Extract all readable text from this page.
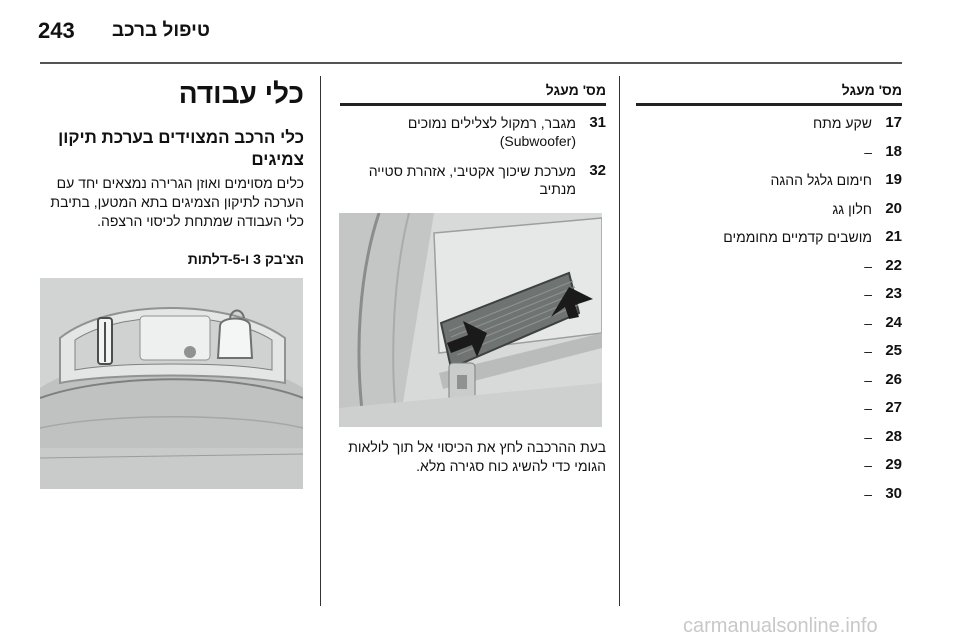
243 טיפול ברכב
מס' מעגל
17
שקע מתח
18
–
19
חימום גלגל ההגה
20
חלון גג
21
מושבים קדמיים מחוממים
22
–
23
–
24
–
25
–
26
–
27
–
28
–
29
–
30
–
מס' מעגל
31
מגבר, רמקול לצלילים נמוכים (Subwoofer)
32
מערכת שיכוך אקטיבי, אזהרת סטייה מנתיב
בעת ההרכבה לחץ את הכיסוי אל תוך לולאות הגומי כדי להשיג כוח סגירה מלא.
כלי עבודה
כלי הרכב המצוידים בערכת תיקון צמיגים
כלים מסוימים ואוזן הגרירה נמצאים יחד עם הערכה לתיקון הצמיגים בתא המטען, בתיבת כלי העבודה שמתחת לכיסוי הרצפה.
הצ'בק 3 ו-5-דלתות
carmanualsonline.info
